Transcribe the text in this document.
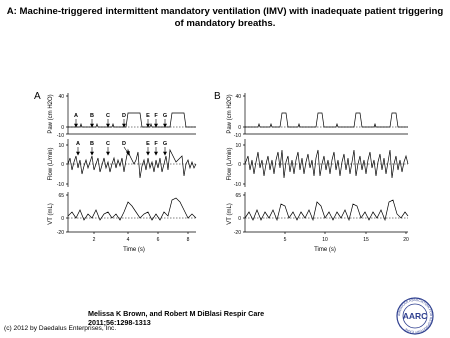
A: Machine-triggered intermittent mandatory ventilation (IMV) with inadequate patient triggering of mandatory breaths.
A	B
40
0
-10
10
0
-10
65
0
-20
2	4	6	8
Time (s)
Paw (cm H2O)
Flow (L/min)
VT (mL)
A B C D	E F G
A B C D	E F G
40
0
-10
10
0
-10
65
0
-20
5	10	15	20
Time (s)
Paw (cm H2O)
Flow (L/min)
VT (mL)
Melissa K Brown, and Robert M DiBlasi Respir Care
2011;56:1298-1313
(c) 2012 by Daedalus Enterprises, Inc.
AMERICAN ASSOCIATION FOR RESPIRATORY CARE
AARC
